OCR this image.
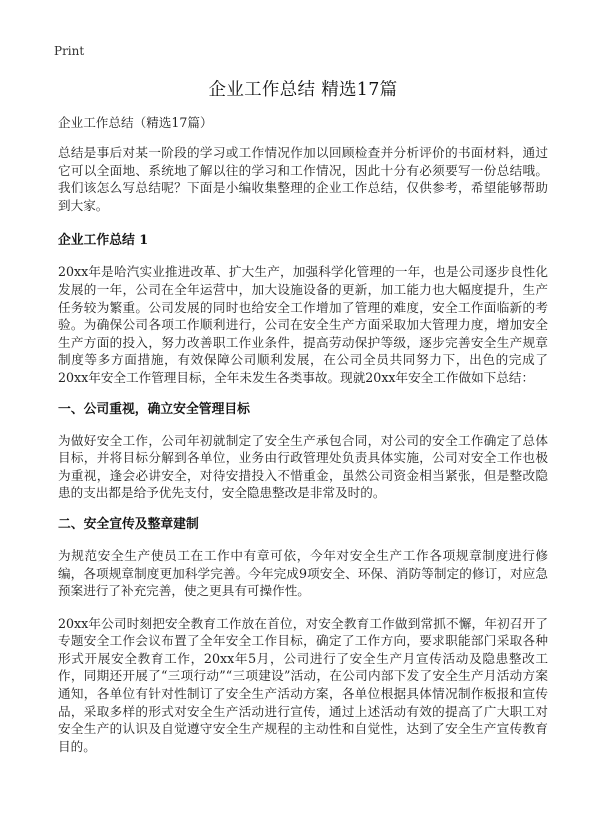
Print
企业工作总结 精选17篇
企业工作总结（精选17篇）

总结是事后对某一阶段的学习或工作情况作加以回顾检查并分析评价的书面材料，通过它可以全面地、系统地了解以往的学习和工作情况，因此十分有必须要写一份总结哦。我们该怎么写总结呢？下面是小编收集整理的企业工作总结，仅供参考，希望能够帮助到大家。

企业工作总结 1

20xx年是哈汽实业推进改革、扩大生产，加强科学化管理的一年，也是公司逐步良性化发展的一年，公司在全年运营中，加大设施设备的更新，加工能力也大幅度提升，生产任务较为繁重。公司发展的同时也给安全工作增加了管理的难度，安全工作面临新的考验。为确保公司各项工作顺利进行，公司在安全生产方面采取加大管理力度，增加安全生产方面的投入，努力改善职工作业条件，提高劳动保护等级，逐步完善安全生产规章制度等多方面措施，有效保障公司顺利发展，在公司全员共同努力下，出色的完成了20xx年安全工作管理目标，全年未发生各类事故。现就20xx年安全工作做如下总结：

一、公司重视，确立安全管理目标

为做好安全工作，公司年初就制定了安全生产承包合同，对公司的安全工作确定了总体目标，并将目标分解到各单位，业务由行政管理处负责具体实施，公司对安全工作也极为重视，逢会必讲安全，对待安措投入不惜重金，虽然公司资金相当紧张，但是整改隐患的支出都是给予优先支付，安全隐患整改是非常及时的。

二、安全宣传及整章建制

为规范安全生产使员工在工作中有章可依，今年对安全生产工作各项规章制度进行修编，各项规章制度更加科学完善。今年完成9项安全、环保、消防等制定的修订，对应急预案进行了补充完善，使之更具有可操作性。

20xx年公司时刻把安全教育工作放在首位，对安全教育工作做到常抓不懈，年初召开了专题安全工作会议布置了全年安全工作目标，确定了工作方向，要求职能部门采取各种形式开展安全教育工作，20xx年5月，公司进行了安全生产月宣传活动及隐患整改工作，同期还开展了“三项行动”“三项建设”活动，在公司内部下发了安全生产月活动方案通知，各单位有针对性制订了安全生产活动方案，各单位根据具体情况制作板报和宣传品，采取多样的形式对安全生产活动进行宣传，通过上述活动有效的提高了广大职工对安全生产的认识及自觉遵守安全生产规程的主动性和自觉性，达到了安全生产宣传教育目的。
